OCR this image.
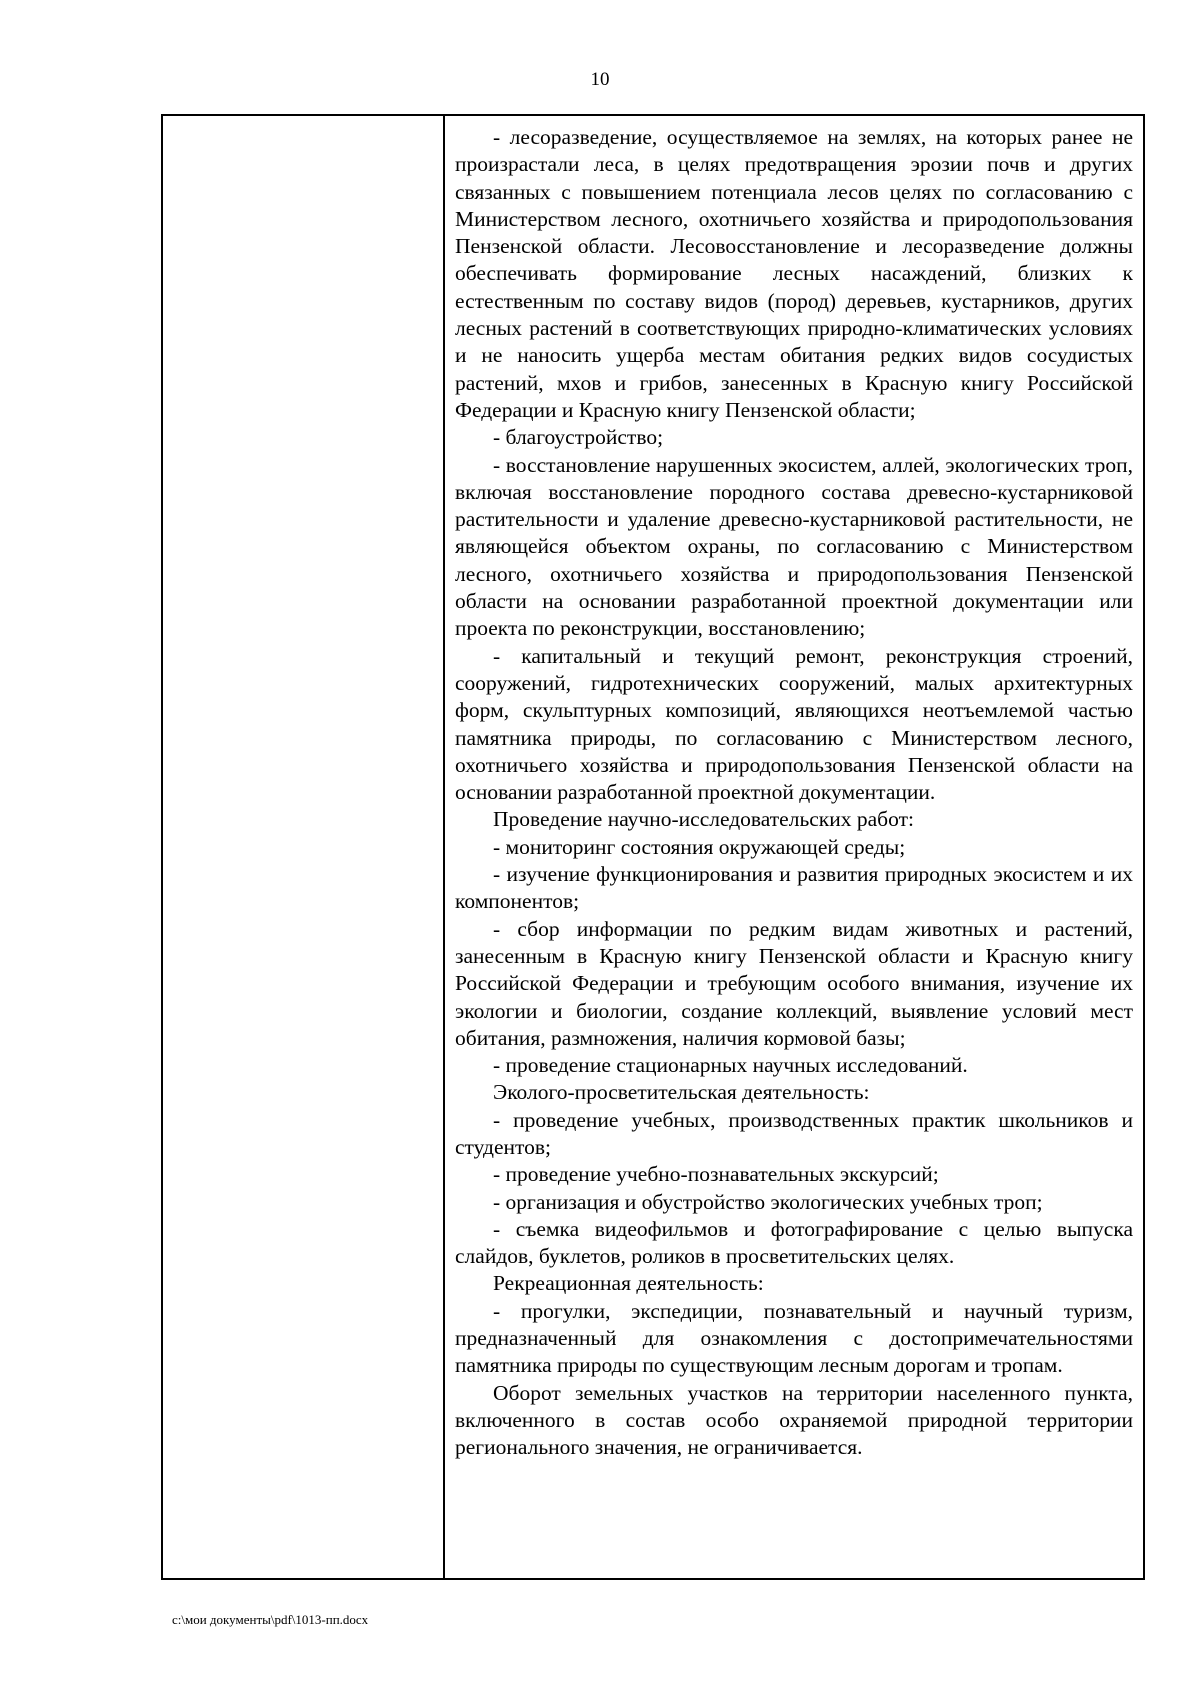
10

- лесоразведение, осуществляемое на землях, на которых ранее не произрастали леса, в целях предотвращения эрозии почв и других связанных с повышением потенциала лесов целях по согласованию с Министерством лесного, охотничьего хозяйства и природопользования Пензенской области. Лесовосстановление и лесоразведение должны обеспечивать формирование лесных насаждений, близких к естественным по составу видов (пород) деревьев, кустарников, других лесных растений в соответствующих природно-климатических условиях и не наносить ущерба местам обитания редких видов сосудистых растений, мхов и грибов, занесенных в Красную книгу Российской Федерации и Красную книгу Пензенской области;

- благоустройство;

- восстановление нарушенных экосистем, аллей, экологических троп, включая восстановление породного состава древесно-кустарниковой растительности и удаление древесно-кустарниковой растительности, не являющейся объектом охраны, по согласованию с Министерством лесного, охотничьего хозяйства и природопользования Пензенской области на основании разработанной проектной документации или проекта по реконструкции, восстановлению;

- капитальный и текущий ремонт, реконструкция строений, сооружений, гидротехнических сооружений, малых архитектурных форм, скульптурных композиций, являющихся неотъемлемой частью памятника природы, по согласованию с Министерством лесного, охотничьего хозяйства и природопользования Пензенской области на основании разработанной проектной документации.

Проведение научно-исследовательских работ:

- мониторинг состояния окружающей среды;

- изучение функционирования и развития природных экосистем и их компонентов;

- сбор информации по редким видам животных и растений, занесенным в Красную книгу Пензенской области и Красную книгу Российской Федерации и требующим особого внимания, изучение их экологии и биологии, создание коллекций, выявление условий мест обитания, размножения, наличия кормовой базы;

- проведение стационарных научных исследований.

Эколого-просветительская деятельность:

- проведение учебных, производственных практик школьников и студентов;

- проведение учебно-познавательных экскурсий;

- организация и обустройство экологических учебных троп;

- съемка видеофильмов и фотографирование с целью выпуска слайдов, буклетов, роликов в просветительских целях.

Рекреационная деятельность:

- прогулки, экспедиции, познавательный и научный туризм, предназначенный для ознакомления с достопримечательностями памятника природы по существующим лесным дорогам и тропам.

Оборот земельных участков на территории населенного пункта, включенного в состав особо охраняемой природной территории регионального значения, не ограничивается.

c:\мои документы\pdf\1013-пп.docx
